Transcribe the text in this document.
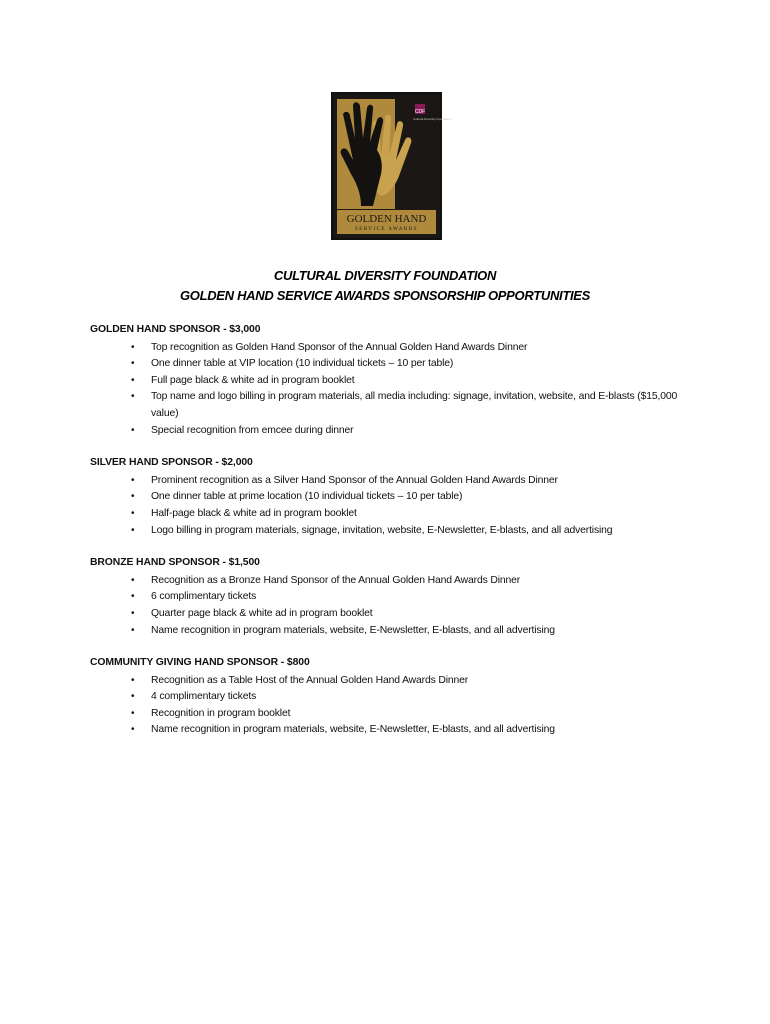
CDF
Cultural Diversity Foundation
GOLDEN HAND
SERVICE AWARDS
CULTURAL DIVERSITY FOUNDATION
GOLDEN HAND SERVICE AWARDS SPONSORSHIP OPPORTUNITIES
GOLDEN HAND SPONSOR - $3,000
• Top recognition as Golden Hand Sponsor of the Annual Golden Hand Awards Dinner
• One dinner table at VIP location (10 individual tickets – 10 per table)
• Full page black & white ad in program booklet
• Top name and logo billing in program materials, all media including: signage, invitation, website, and E-blasts ($15,000 value)
• Special recognition from emcee during dinner
SILVER HAND SPONSOR - $2,000
• Prominent recognition as a Silver Hand Sponsor of the Annual Golden Hand Awards Dinner
• One dinner table at prime location (10 individual tickets – 10 per table)
• Half-page black & white ad in program booklet
• Logo billing in program materials, signage, invitation, website, E-Newsletter, E-blasts, and all advertising
BRONZE HAND SPONSOR - $1,500
• Recognition as a Bronze Hand Sponsor of the Annual Golden Hand Awards Dinner
• 6 complimentary tickets
• Quarter page black & white ad in program booklet
• Name recognition in program materials, website, E-Newsletter, E-blasts, and all advertising
COMMUNITY GIVING HAND SPONSOR - $800
• Recognition as a Table Host of the Annual Golden Hand Awards Dinner
• 4 complimentary tickets
• Recognition in program booklet
• Name recognition in program materials, website, E-Newsletter, E-blasts, and all advertising
